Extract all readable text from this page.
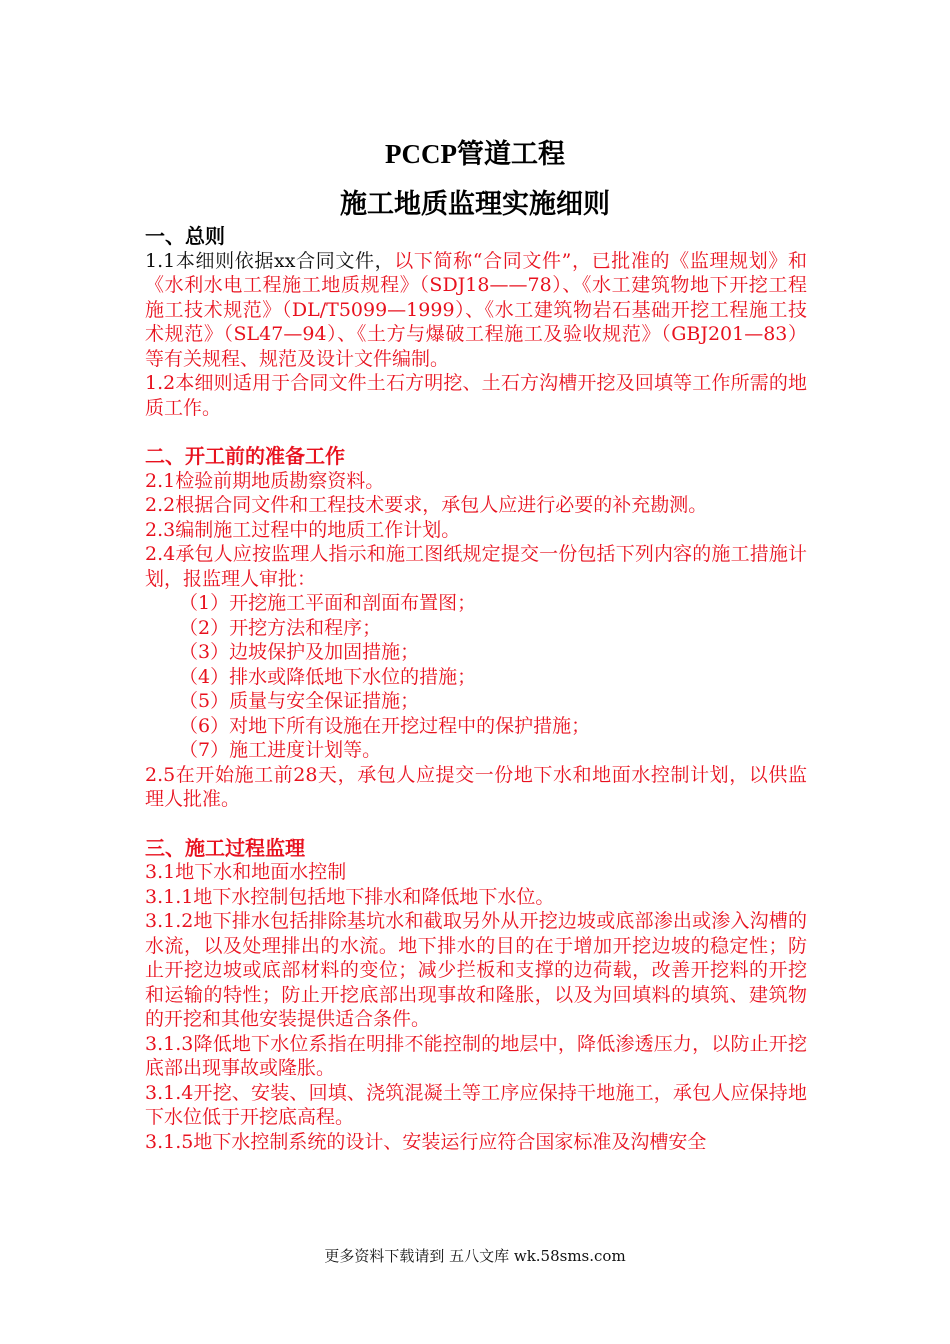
PCCP管道工程
施工地质监理实施细则

一、总则

1.1本细则依据xx合同文件，以下简称“合同文件”，已批准的《监理规划》和《水利水电工程施工地质规程》（SDJ18——78）、《水工建筑物地下开挖工程施工技术规范》（DL/T5099—1999）、《水工建筑物岩石基础开挖工程施工技术规范》（SL47—94）、《土方与爆破工程施工及验收规范》（GBJ201—83）等有关规程、规范及设计文件编制。

1.2本细则适用于合同文件土石方明挖、土石方沟槽开挖及回填等工作所需的地质工作。

二、开工前的准备工作

2.1检验前期地质勘察资料。

2.2根据合同文件和工程技术要求，承包人应进行必要的补充勘测。

2.3编制施工过程中的地质工作计划。

2.4承包人应按监理人指示和施工图纸规定提交一份包括下列内容的施工措施计划，报监理人审批：

（1）开挖施工平面和剖面布置图；

（2）开挖方法和程序；

（3）边坡保护及加固措施；

（4）排水或降低地下水位的措施；

（5）质量与安全保证措施；

（6）对地下所有设施在开挖过程中的保护措施；

（7）施工进度计划等。

2.5在开始施工前28天，承包人应提交一份地下水和地面水控制计划，以供监理人批准。

三、施工过程监理

3.1地下水和地面水控制

3.1.1地下水控制包括地下排水和降低地下水位。

3.1.2地下排水包括排除基坑水和截取另外从开挖边坡或底部渗出或渗入沟槽的水流，以及处理排出的水流。地下排水的目的在于增加开挖边坡的稳定性；防止开挖边坡或底部材料的变位；减少拦板和支撑的边荷载，改善开挖料的开挖和运输的特性；防止开挖底部出现事故和隆胀，以及为回填料的填筑、建筑物的开挖和其他安装提供适合条件。

3.1.3降低地下水位系指在明排不能控制的地层中，降低渗透压力，以防止开挖底部出现事故或隆胀。

3.1.4开挖、安装、回填、浇筑混凝土等工序应保持干地施工，承包人应保持地下水位低于开挖底高程。

3.1.5地下水控制系统的设计、安装运行应符合国家标准及沟槽安全

更多资料下载请到 五八文库 wk.58sms.com
